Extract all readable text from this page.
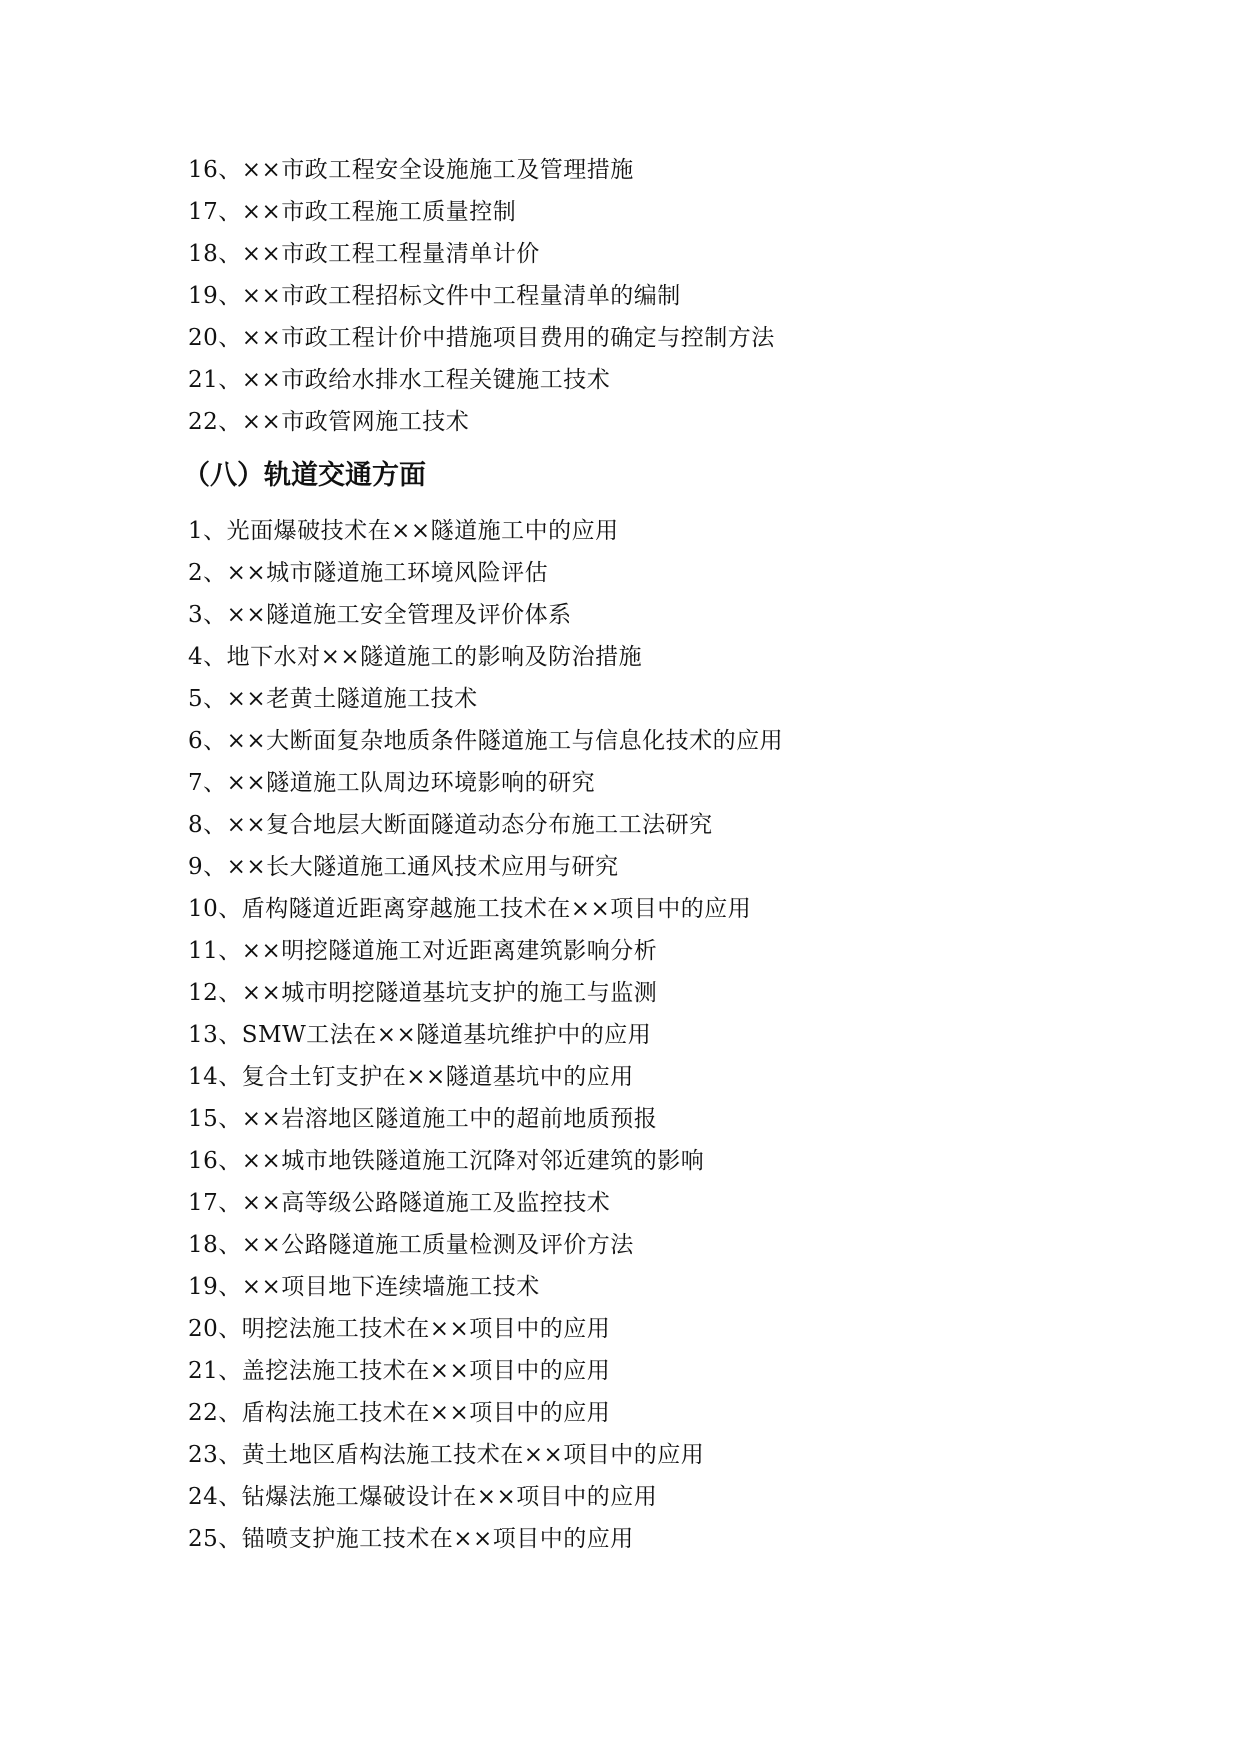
16、××市政工程安全设施施工及管理措施
17、××市政工程施工质量控制
18、××市政工程工程量清单计价
19、××市政工程招标文件中工程量清单的编制
20、××市政工程计价中措施项目费用的确定与控制方法
21、××市政给水排水工程关键施工技术
22、××市政管网施工技术
（八）轨道交通方面
1、光面爆破技术在××隧道施工中的应用
2、××城市隧道施工环境风险评估
3、××隧道施工安全管理及评价体系
4、地下水对××隧道施工的影响及防治措施
5、××老黄土隧道施工技术
6、××大断面复杂地质条件隧道施工与信息化技术的应用
7、××隧道施工队周边环境影响的研究
8、××复合地层大断面隧道动态分布施工工法研究
9、××长大隧道施工通风技术应用与研究
10、盾构隧道近距离穿越施工技术在××项目中的应用
11、××明挖隧道施工对近距离建筑影响分析
12、××城市明挖隧道基坑支护的施工与监测
13、SMW工法在××隧道基坑维护中的应用
14、复合土钉支护在××隧道基坑中的应用
15、××岩溶地区隧道施工中的超前地质预报
16、××城市地铁隧道施工沉降对邻近建筑的影响
17、××高等级公路隧道施工及监控技术
18、××公路隧道施工质量检测及评价方法
19、××项目地下连续墙施工技术
20、明挖法施工技术在××项目中的应用
21、盖挖法施工技术在××项目中的应用
22、盾构法施工技术在××项目中的应用
23、黄土地区盾构法施工技术在××项目中的应用
24、钻爆法施工爆破设计在××项目中的应用
25、锚喷支护施工技术在××项目中的应用
